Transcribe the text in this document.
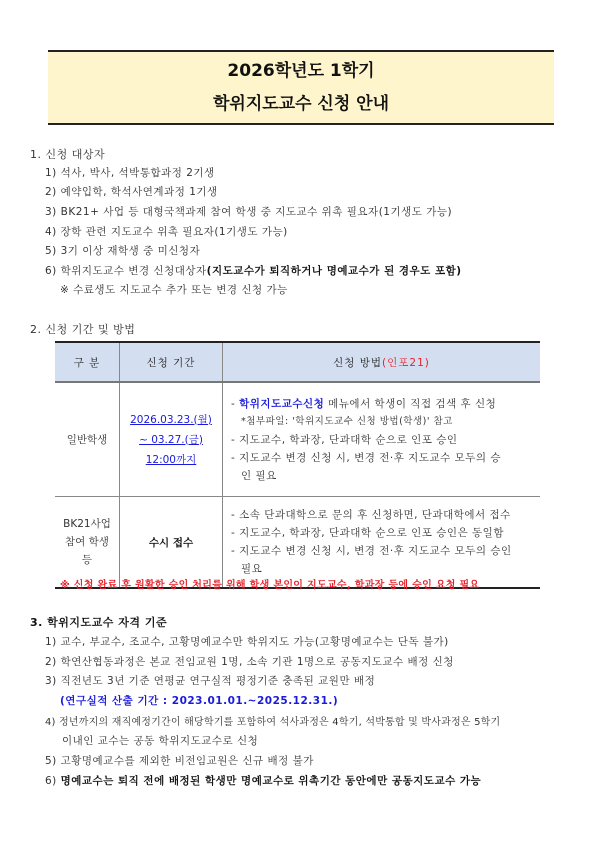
2026학년도 1학기
학위지도교수 신청 안내
1. 신청 대상자
1) 석사, 박사, 석박통합과정 2기생
2) 예약입학, 학석사연계과정 1기생
3) BK21+ 사업 등 대형국책과제 참여 학생 중 지도교수 위촉 필요자(1기생도 가능)
4) 장학 관련 지도교수 위촉 필요자(1기생도 가능)
5) 3기 이상 재학생 중 미신청자
6) 학위지도교수 변경 신청대상자(지도교수가 퇴직하거나 명예교수가 된 경우도 포함)
※ 수료생도 지도교수 추가 또는 변경 신청 가능
2. 신청 기간 및 방법
구 분	신청 기간	신청 방법(인포21)
일반학생	2026.03.23.(월)
~ 03.27.(금)
12:00까지	- 학위지도교수신청 메뉴에서 학생이 직접 검색 후 신청
*첨부파일: '학위지도교수 신청 방법(학생)' 참고
- 지도교수, 학과장, 단과대학 순으로 인포 승인
- 지도교수 변경 신청 시, 변경 전·후 지도교수 모두의 승
인 필요

BK21사업
참여 학생
등	수시 접수	- 소속 단과대학으로 문의 후 신청하면, 단과대학에서 접수
- 지도교수, 학과장, 단과대학 순으로 인포 승인은 동일함
- 지도교수 변경 신청 시, 변경 전·후 지도교수 모두의 승인
필요
※ 신청 완료 후 원활한 승인 처리를 위해 학생 본인이 지도교수, 학과장 등에 승인 요청 필요
3. 학위지도교수 자격 기준
1) 교수, 부교수, 조교수, 고황명예교수만 학위지도 가능(고황명예교수는 단독 불가)
2) 학연산협동과정은 본교 전임교원 1명, 소속 기관 1명으로 공동지도교수 배정 신청
3) 직전년도 3년 기준 연평균 연구실적 평정기준 충족된 교원만 배정
(연구실적 산출 기간 : 2023.01.01.~2025.12.31.)
4) 정년까지의 재직예정기간이 해당학기를 포함하여 석사과정은 4학기, 석박통합 및 박사과정은 5학기
이내인 교수는 공동 학위지도교수로 신청
5) 고황명예교수를 제외한 비전임교원은 신규 배정 불가
6) 명예교수는 퇴직 전에 배정된 학생만 명예교수로 위촉기간 동안에만 공동지도교수 가능
